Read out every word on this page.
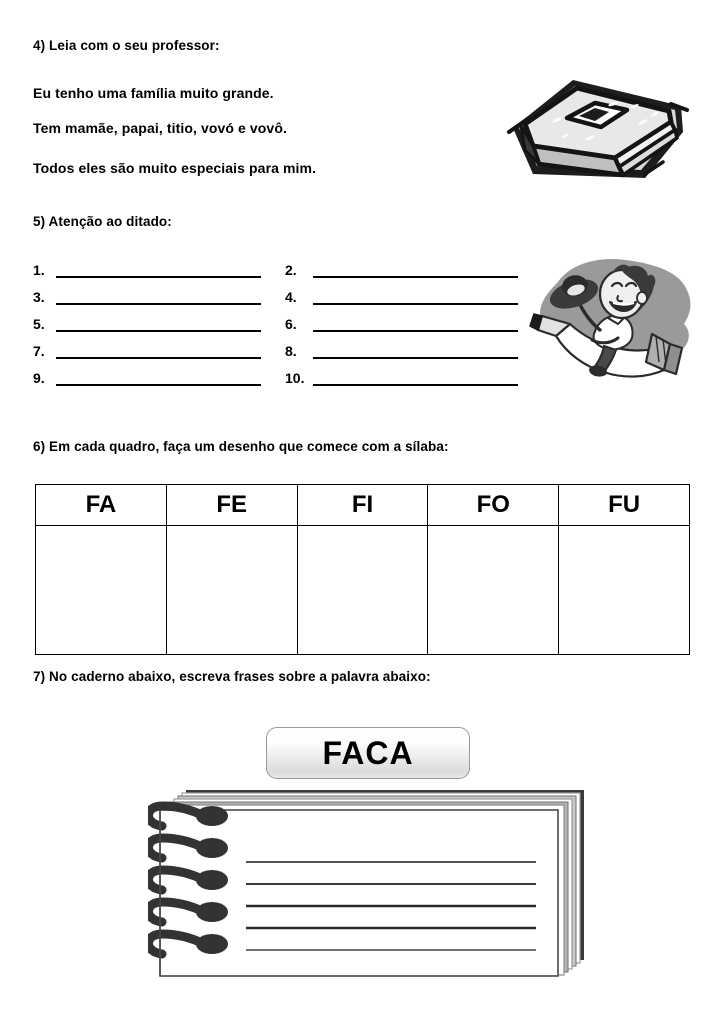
4) Leia com o seu professor:
Eu tenho uma família muito grande.
Tem mamãe, papai, titio, vovó e vovô.
Todos eles são muito especiais para mim.
5) Atenção ao ditado:
1.
3.
5.
7.
9.
2.
4.
6.
8.
10.
6) Em cada quadro, faça um desenho que comece com a sílaba:
FA	FE	FI	FO	FU

7) No caderno abaixo, escreva frases sobre a palavra abaixo:
FACA
